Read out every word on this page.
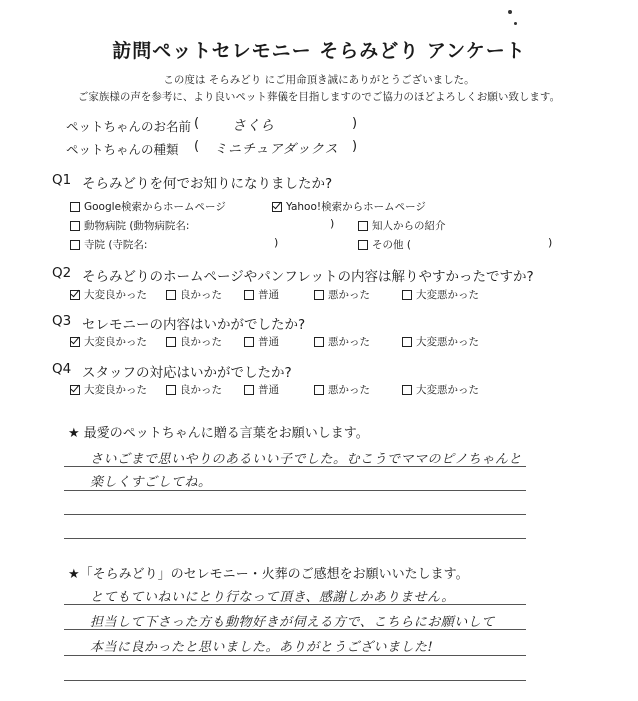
訪問ペットセレモニー そらみどり アンケート
この度は そらみどり にご用命頂き誠にありがとうございました。
ご家族様の声を参考に、より良いペット葬儀を目指しますのでご協力のほどよろしくお願い致します。
ペットちゃんのお名前 ( さくら	)
ペットちゃんの種類 ( ミニチュアダックス )
Q1 そらみどりを何でお知りになりましたか?
Google検索からホームページ	Yahoo!検索からホームページ
動物病院 (動物病院名:	)	知人からの紹介
寺院 (寺院名:	)	その他 (	)
Q2 そらみどりのホームページやパンフレットの内容は解りやすかったですか?
大変良かった	良かった	普通	悪かった	大変悪かった
Q3 セレモニーの内容はいかがでしたか?
大変良かった	良かった	普通	悪かった	大変悪かった
Q4 スタッフの対応はいかがでしたか?
大変良かった	良かった	普通	悪かった	大変悪かった
★ 最愛のペットちゃんに贈る言葉をお願いします。
さいごまで思いやりのあるいい子でした。むこうでママのピノちゃんと
楽しくすごしてね。
★「そらみどり」のセレモニー・火葬のご感想をお願いいたします。
とてもていねいにとり行なって頂き、感謝しかありません。
担当して下さった方も動物好きが伺える方で、こちらにお願いして
本当に良かったと思いました。ありがとうございました!
